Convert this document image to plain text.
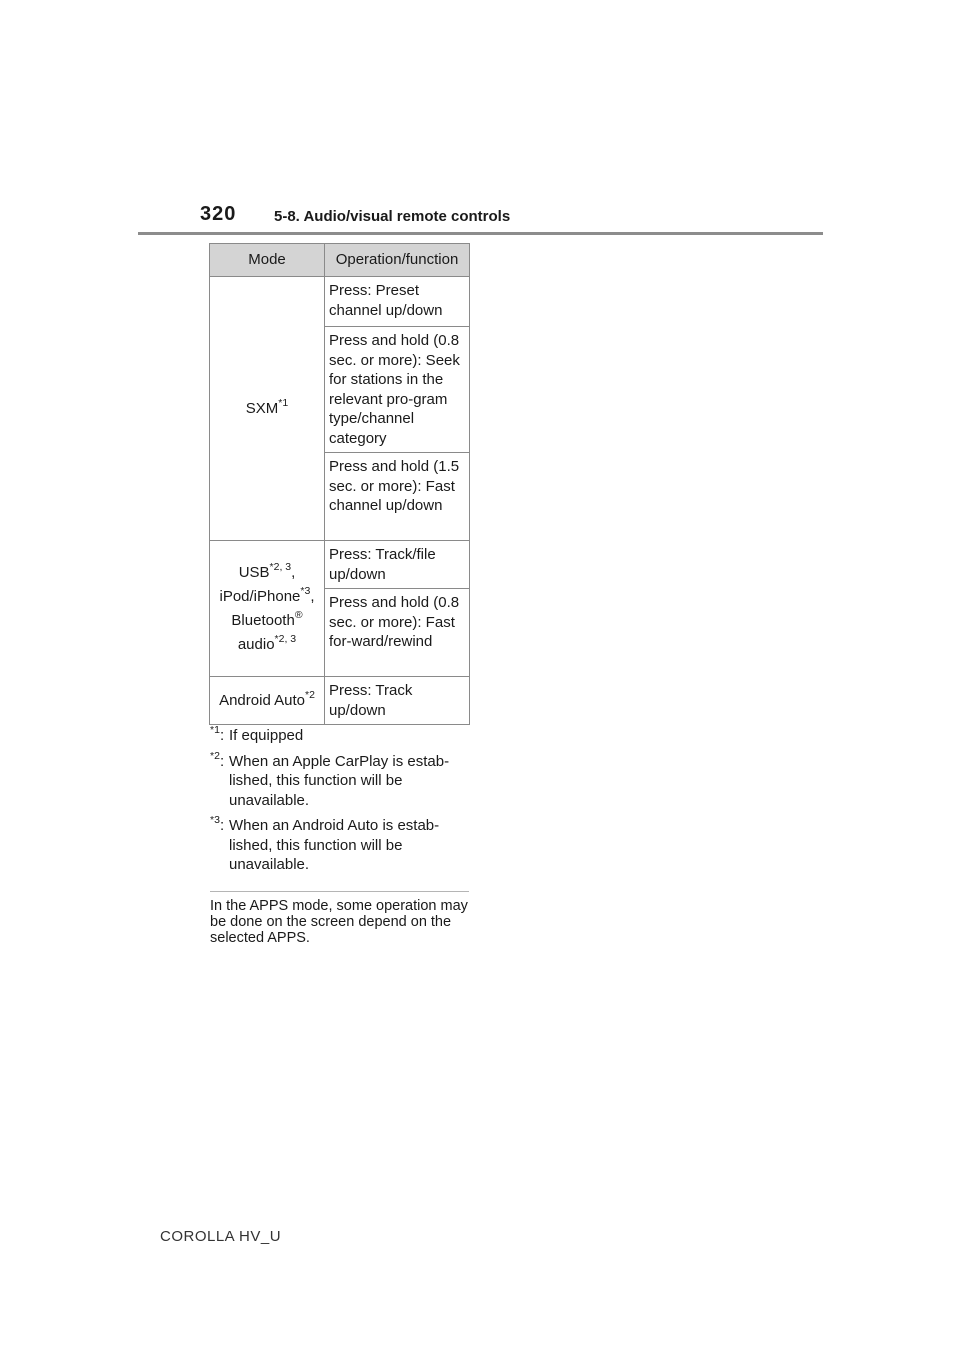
320	5-8. Audio/visual remote controls
Mode	Operation/function
SXM$^{*1}$	Press: Preset channel up/down
	Press and hold (0.8 sec. or more): Seek for stations in the relevant pro-gram type/channel category
	Press and hold (1.5 sec. or more): Fast channel up/down
USB$^{*2, 3}$,
iPod/iPhone$^{*3}$,
Bluetooth®
audio$^{*2, 3}$	Press: Track/file up/down
	Press and hold (0.8 sec. or more): Fast for-ward/rewind
Android Auto$^{*2}$	Press: Track up/down
$^{*1}$: If equipped
$^{*2}$: When an Apple CarPlay is estab-lished, this function will be unavailable.
$^{*3}$: When an Android Auto is estab-lished, this function will be unavailable.
In the APPS mode, some operation may be done on the screen depend on the selected APPS.
COROLLA HV_U
